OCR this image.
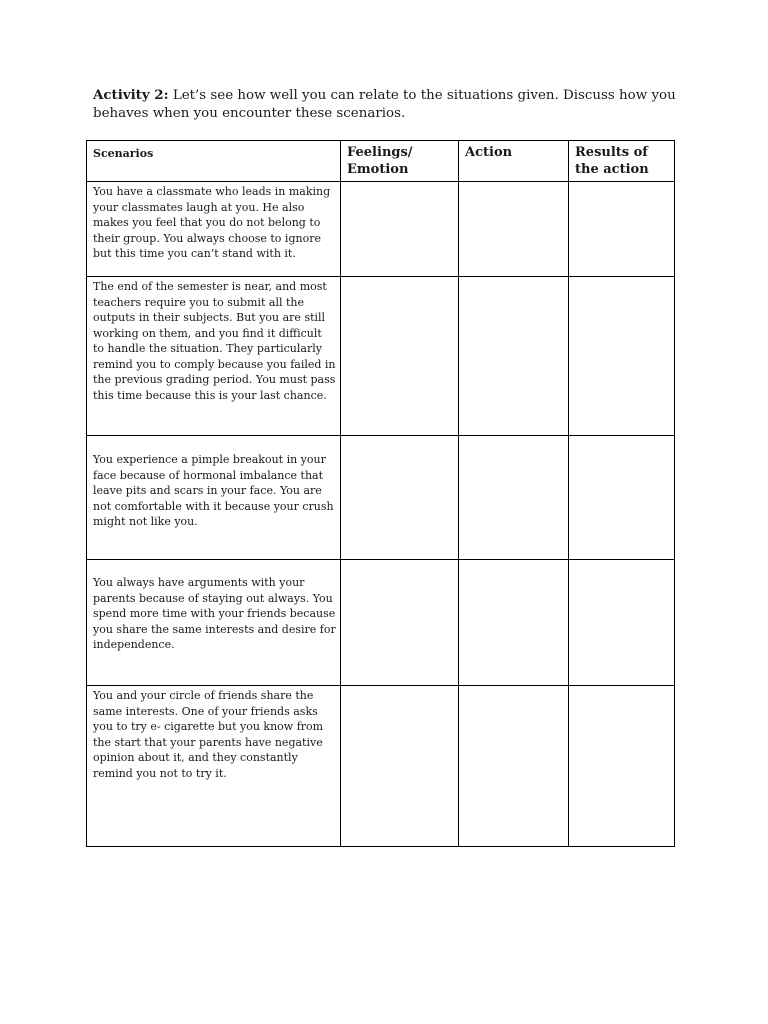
Activity 2: Let’s see how well you can relate to the situations given. Discuss how you behaves when you encounter these scenarios.

Scenarios	Feelings/ Emotion	Action	Results of the action
You have a classmate who leads in making your classmates laugh at you. He also makes you feel that you do not belong to their group. You always choose to ignore but this time you can’t stand with it.			
The end of the semester is near, and most teachers require you to submit all the outputs in their subjects. But you are still working on them, and you find it difficult to handle the situation. They particularly remind you to comply because you failed in the previous grading period. You must pass this time because this is your last chance.			
You experience a pimple breakout in your face because of hormonal imbalance that leave pits and scars in your face. You are not comfortable with it because your crush might not like you.			
You always have arguments with your parents because of staying out always. You spend more time with your friends because you share the same interests and desire for independence.			
You and your circle of friends share the same interests. One of your friends asks you to try e- cigarette but you know from the start that your parents have negative opinion about it, and they constantly remind you not to try it.			
